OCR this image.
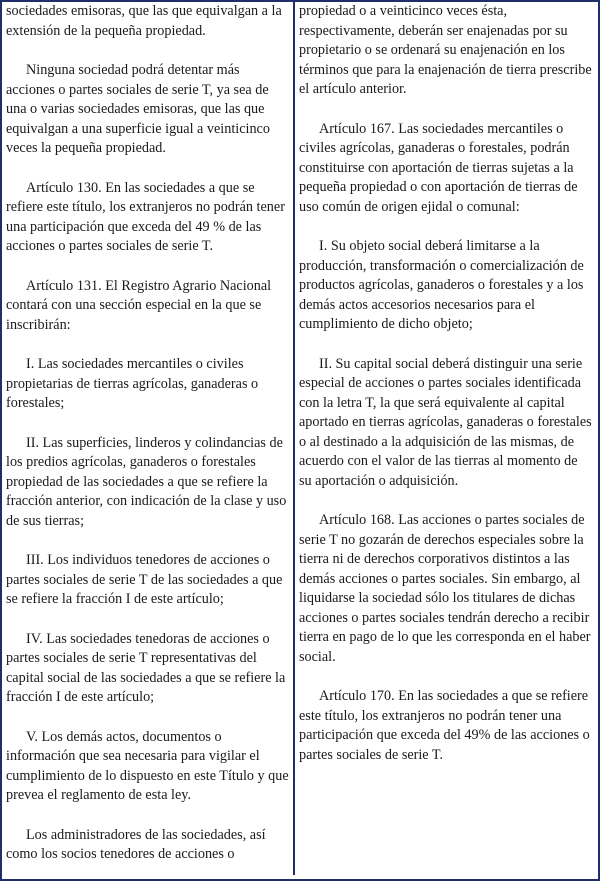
sociedades emisoras, que las que equivalgan a la extensión de la pequeña propiedad.

Ninguna sociedad podrá detentar más acciones o partes sociales de serie T, ya sea de una o varias sociedades emisoras, que las que equivalgan a una superficie igual a veinticinco veces la pequeña propiedad.

Artículo 130. En las sociedades a que se refiere este título, los extranjeros no podrán tener una participación que exceda del 49 % de las acciones o partes sociales de serie T.

Artículo 131. El Registro Agrario Nacional contará con una sección especial en la que se inscribirán:

I. Las sociedades mercantiles o civiles propietarias de tierras agrícolas, ganaderas o forestales;

II. Las superficies, linderos y colindancias de los predios agrícolas, ganaderos o forestales propiedad de las sociedades a que se refiere la fracción anterior, con indicación de la clase y uso de sus tierras;

III. Los individuos tenedores de acciones o partes sociales de serie T de las sociedades a que se refiere la fracción I de este artículo;

IV. Las sociedades tenedoras de acciones o partes sociales de serie T representativas del capital social de las sociedades a que se refiere la fracción I de este artículo;

V. Los demás actos, documentos o información que sea necesaria para vigilar el cumplimiento de lo dispuesto en este Título y que prevea el reglamento de esta ley.

Los administradores de las sociedades, así como los socios tenedores de acciones o

propiedad o a veinticinco veces ésta, respectivamente, deberán ser enajenadas por su propietario o se ordenará su enajenación en los términos que para la enajenación de tierra prescribe el artículo anterior.

Artículo 167. Las sociedades mercantiles o civiles agrícolas, ganaderas o forestales, podrán constituirse con aportación de tierras sujetas a la pequeña propiedad o con aportación de tierras de uso común de origen ejidal o comunal:

I. Su objeto social deberá limitarse a la producción, transformación o comercialización de productos agrícolas, ganaderos o forestales y a los demás actos accesorios necesarios para el cumplimiento de dicho objeto;

II. Su capital social deberá distinguir una serie especial de acciones o partes sociales identificada con la letra T, la que será equivalente al capital aportado en tierras agrícolas, ganaderas o forestales o al destinado a la adquisición de las mismas, de acuerdo con el valor de las tierras al momento de su aportación o adquisición.

Artículo 168. Las acciones o partes sociales de serie T no gozarán de derechos especiales sobre la tierra ni de derechos corporativos distintos a las demás acciones o partes sociales. Sin embargo, al liquidarse la sociedad sólo los titulares de dichas acciones o partes sociales tendrán derecho a recibir tierra en pago de lo que les corresponda en el haber social.

Artículo 170. En las sociedades a que se refiere este título, los extranjeros no podrán tener una participación que exceda del 49% de las acciones o partes sociales de serie T.
